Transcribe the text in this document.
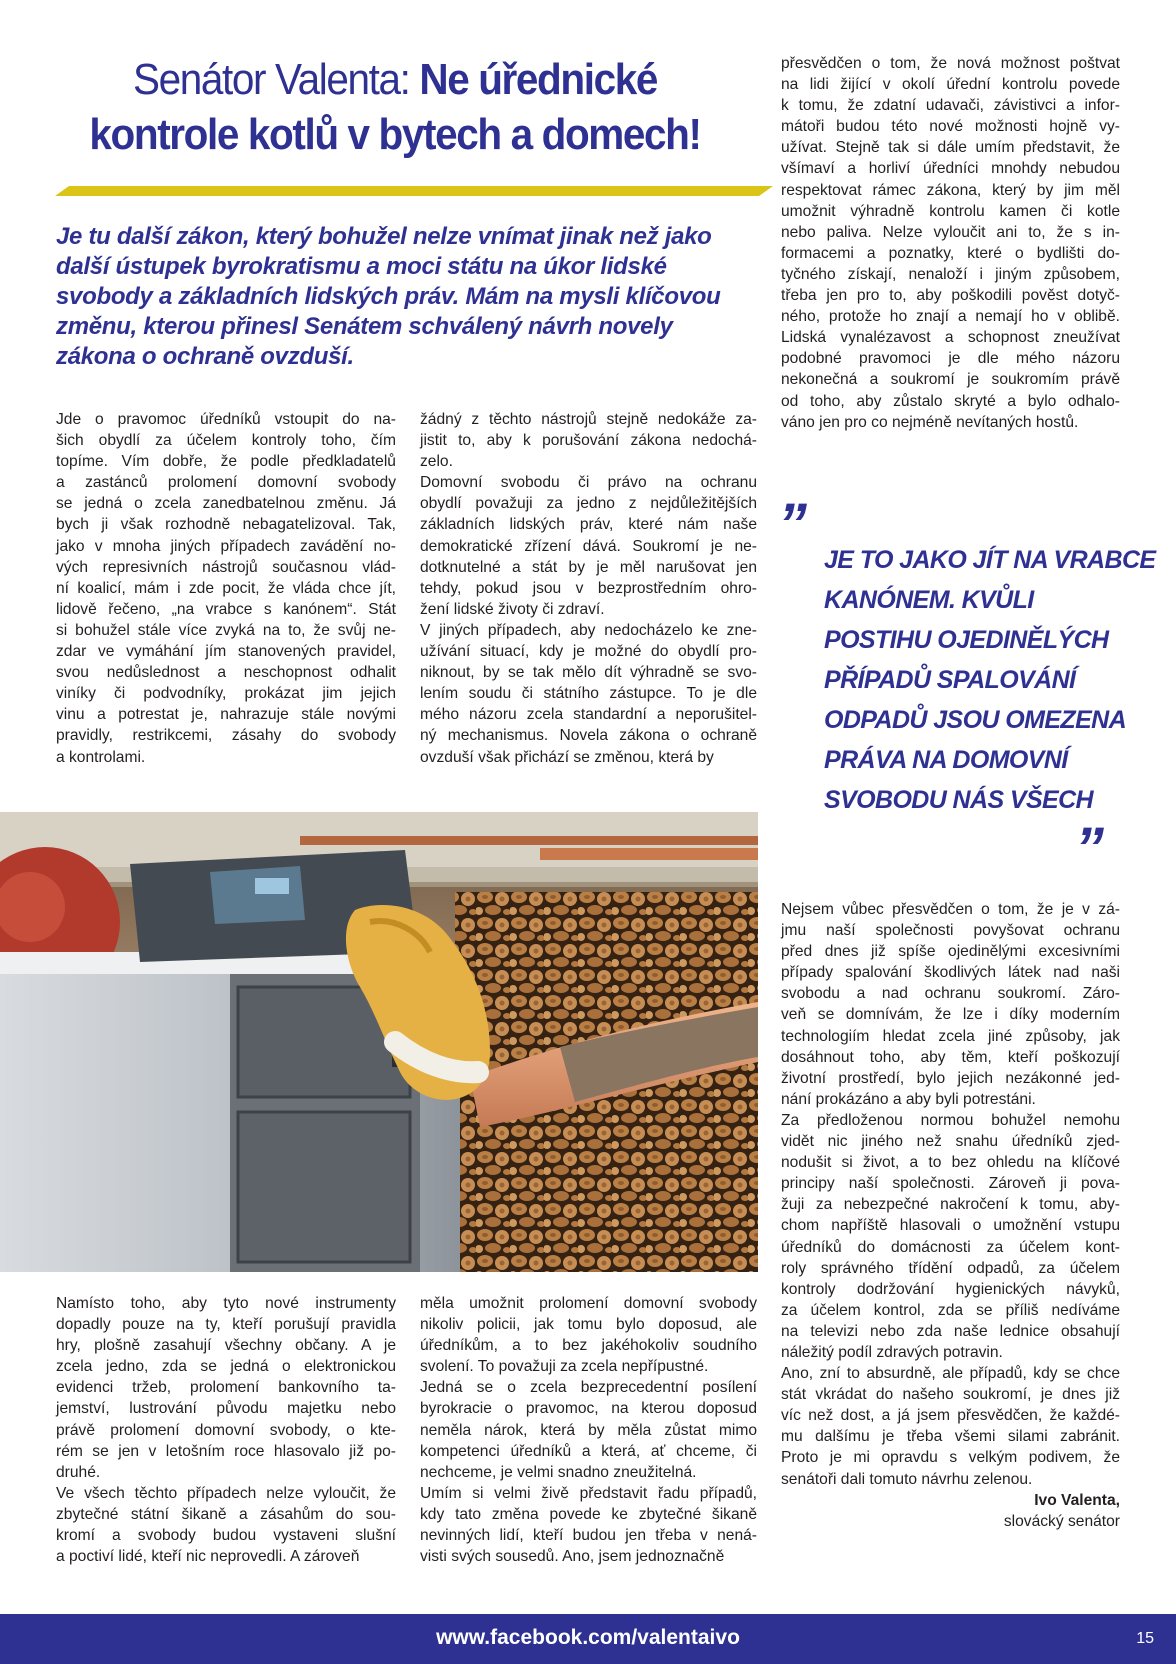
Senátor Valenta: Ne úřednické kontrole kotlů v bytech a domech!

Je tu další zákon, který bohužel nelze vnímat jinak než jako další ústupek byrokratismu a moci státu na úkor lidské svobody a základních lidských práv. Mám na mysli klíčovou změnu, kterou přinesl Senátem schválený návrh novely zákona o ochraně ovzduší.

Jde o pravomoc úředníků vstoupit do na-

šich obydlí za účelem kontroly toho, čím

topíme. Vím dobře, že podle předkladatelů

a zastánců prolomení domovní svobody

se jedná o zcela zanedbatelnou změnu. Já

bych ji však rozhodně nebagatelizoval. Tak,

jako v mnoha jiných případech zavádění no-

vých represivních nástrojů současnou vlád-

ní koalicí, mám i zde pocit, že vláda chce jít,

lidově řečeno, „na vrabce s kanónem“. Stát

si bohužel stále více zvyká na to, že svůj ne-

zdar ve vymáhání jím stanovených pravidel,

svou nedůslednost a neschopnost odhalit

viníky či podvodníky, prokázat jim jejich

vinu a potrestat je, nahrazuje stále novými

pravidly, restrikcemi, zásahy do svobody

a kontrolami.

žádný z těchto nástrojů stejně nedokáže za-

jistit to, aby k porušování zákona nedochá-

zelo.

Domovní svobodu či právo na ochranu

obydlí považuji za jedno z nejdůležitějších

základních lidských práv, které nám naše

demokratické zřízení dává. Soukromí je ne-

dotknutelné a stát by je měl narušovat jen

tehdy, pokud jsou v bezprostředním ohro-

žení lidské životy či zdraví.

V jiných případech, aby nedocházelo ke zne-

užívání situací, kdy je možné do obydlí pro-

niknout, by se tak mělo dít výhradně se svo-

lením soudu či státního zástupce. To je dle

mého názoru zcela standardní a neporušitel-

ný mechanismus. Novela zákona o ochraně

ovzduší však přichází se změnou, která by

přesvědčen o tom, že nová možnost poštvat

na lidi žijící v okolí úřední kontrolu povede

k tomu, že zdatní udavači, závistivci a infor-

mátoři budou této nové možnosti hojně vy-

užívat. Stejně tak si dále umím představit, že

všímaví a horliví úředníci mnohdy nebudou

respektovat rámec zákona, který by jim měl

umožnit výhradně kontrolu kamen či kotle

nebo paliva. Nelze vyloučit ani to, že s in-

formacemi a poznatky, které o bydlišti do-

tyčného získají, nenaloží i jiným způsobem,

třeba jen pro to, aby poškodili pověst dotyč-

ného, protože ho znají a nemají ho v oblibě.

Lidská vynalézavost a schopnost zneužívat

podobné pravomoci je dle mého názoru

nekonečná a soukromí je soukromím právě

od toho, aby zůstalo skryté a bylo odhalo-

váno jen pro co nejméně nevítaných hostů.

”
JE TO JAKO JÍT NA VRABCE
KANÓNEM. KVŮLI
POSTIHU OJEDINĚLÝCH
PŘÍPADŮ SPALOVÁNÍ
ODPADŮ JSOU OMEZENA
PRÁVA NA DOMOVNÍ
SVOBODU NÁS VŠECH
”

Namísto toho, aby tyto nové instrumenty

dopadly pouze na ty, kteří porušují pravidla

hry, plošně zasahují všechny občany. A je

zcela jedno, zda se jedná o elektronickou

evidenci tržeb, prolomení bankovního ta-

jemství, lustrování původu majetku nebo

právě prolomení domovní svobody, o kte-

rém se jen v letošním roce hlasovalo již po-

druhé.

Ve všech těchto případech nelze vyloučit, že

zbytečné státní šikaně a zásahům do sou-

kromí a svobody budou vystaveni slušní

a poctiví lidé, kteří nic neprovedli. A zároveň

měla umožnit prolomení domovní svobody

nikoliv policii, jak tomu bylo doposud, ale

úředníkům, a to bez jakéhokoliv soudního

svolení. To považuji za zcela nepřípustné.

Jedná se o zcela bezprecedentní posílení

byrokracie o pravomoc, na kterou doposud

neměla nárok, která by měla zůstat mimo

kompetenci úředníků a která, ať chceme, či

nechceme, je velmi snadno zneužitelná.

Umím si velmi živě představit řadu případů,

kdy tato změna povede ke zbytečné šikaně

nevinných lidí, kteří budou jen třeba v nená-

visti svých sousedů. Ano, jsem jednoznačně

Nejsem vůbec přesvědčen o tom, že je v zá-

jmu naší společnosti povyšovat ochranu

před dnes již spíše ojedinělými excesivními

případy spalování škodlivých látek nad naši

svobodu a nad ochranu soukromí. Záro-

veň se domnívám, že lze i díky moderním

technologiím hledat zcela jiné způsoby, jak

dosáhnout toho, aby těm, kteří poškozují

životní prostředí, bylo jejich nezákonné jed-

nání prokázáno a aby byli potrestáni.

Za předloženou normou bohužel nemohu

vidět nic jiného než snahu úředníků zjed-

nodušit si život, a to bez ohledu na klíčové

principy naší společnosti. Zároveň ji pova-

žuji za nebezpečné nakročení k tomu, aby-

chom napříště hlasovali o umožnění vstupu

úředníků do domácnosti za účelem kont-

roly správného třídění odpadů, za účelem

kontroly dodržování hygienických návyků,

za účelem kontrol, zda se příliš nedíváme

na televizi nebo zda naše lednice obsahují

náležitý podíl zdravých potravin.

Ano, zní to absurdně, ale případů, kdy se chce

stát vkrádat do našeho soukromí, je dnes již

víc než dost, a já jsem přesvědčen, že každé-

mu dalšímu je třeba všemi silami zabránit.

Proto je mi opravdu s velkým podivem, že

senátoři dali tomuto návrhu zelenou.

Ivo Valenta,

slovácký senátor

www.facebook.com/valentaivo	15
